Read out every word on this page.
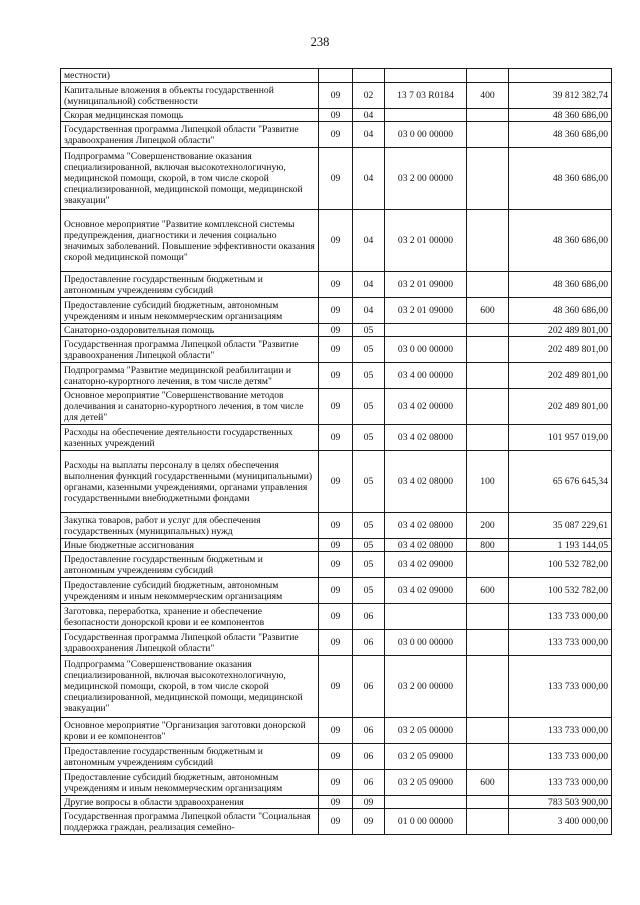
238
местности)					
Капитальные вложения в объекты государственной (муниципальной) собственности	09	02	13 7 03 R0184	400	39 812 382,74
Скорая медицинская помощь	09	04			48 360 686,00
Государственная программа Липецкой области "Развитие здравоохранения Липецкой области"	09	04	03 0 00 00000		48 360 686,00
Подпрограмма "Совершенствование оказания специализированной, включая высокотехнологичную, медицинской помощи, скорой, в том числе скорой специализированной, медицинской помощи, медицинской эвакуации"	09	04	03 2 00 00000		48 360 686,00
Основное мероприятие "Развитие комплексной системы предупреждения, диагностики и лечения социально значимых заболеваний. Повышение эффективности оказания скорой медицинской помощи"	09	04	03 2 01 00000		48 360 686,00
Предоставление государственным бюджетным и автономным учреждениям субсидий	09	04	03 2 01 09000		48 360 686,00
Предоставление субсидий бюджетным, автономным учреждениям и иным некоммерческим организациям	09	04	03 2 01 09000	600	48 360 686,00
Санаторно-оздоровительная помощь	09	05			202 489 801,00
Государственная программа Липецкой области "Развитие здравоохранения Липецкой области"	09	05	03 0 00 00000		202 489 801,00
Подпрограмма "Развитие медицинской реабилитации и санаторно-курортного лечения, в том числе детям"	09	05	03 4 00 00000		202 489 801,00
Основное мероприятие "Совершенствование методов долечивания и санаторно-курортного лечения, в том числе для детей"	09	05	03 4 02 00000		202 489 801,00
Расходы на обеспечение деятельности государственных казенных учреждений	09	05	03 4 02 08000		101 957 019,00
Расходы на выплаты персоналу в целях обеспечения выполнения функций государственными (муниципальными) органами, казенными учреждениями, органами управления государственными внебюджетными фондами	09	05	03 4 02 08000	100	65 676 645,34
Закупка товаров, работ и услуг для обеспечения государственных (муниципальных) нужд	09	05	03 4 02 08000	200	35 087 229,61
Иные бюджетные ассигнования	09	05	03 4 02 08000	800	1 193 144,05
Предоставление государственным бюджетным и автономным учреждениям субсидий	09	05	03 4 02 09000		100 532 782,00
Предоставление субсидий бюджетным, автономным учреждениям и иным некоммерческим организациям	09	05	03 4 02 09000	600	100 532 782,00
Заготовка, переработка, хранение и обеспечение безопасности донорской крови и ее компонентов	09	06			133 733 000,00
Государственная программа Липецкой области "Развитие здравоохранения Липецкой области"	09	06	03 0 00 00000		133 733 000,00
Подпрограмма "Совершенствование оказания специализированной, включая высокотехнологичную, медицинской помощи, скорой, в том числе скорой специализированной, медицинской помощи, медицинской эвакуации"	09	06	03 2 00 00000		133 733 000,00
Основное мероприятие "Организация заготовки донорской крови и ее компонентов"	09	06	03 2 05 00000		133 733 000,00
Предоставление государственным бюджетным и автономным учреждениям субсидий	09	06	03 2 05 09000		133 733 000,00
Предоставление субсидий бюджетным, автономным учреждениям и иным некоммерческим организациям	09	06	03 2 05 09000	600	133 733 000,00
Другие вопросы в области здравоохранения	09	09			783 503 900,00
Государственная программа Липецкой области "Социальная поддержка граждан, реализация семейно-	09	09	01 0 00 00000		3 400 000,00
